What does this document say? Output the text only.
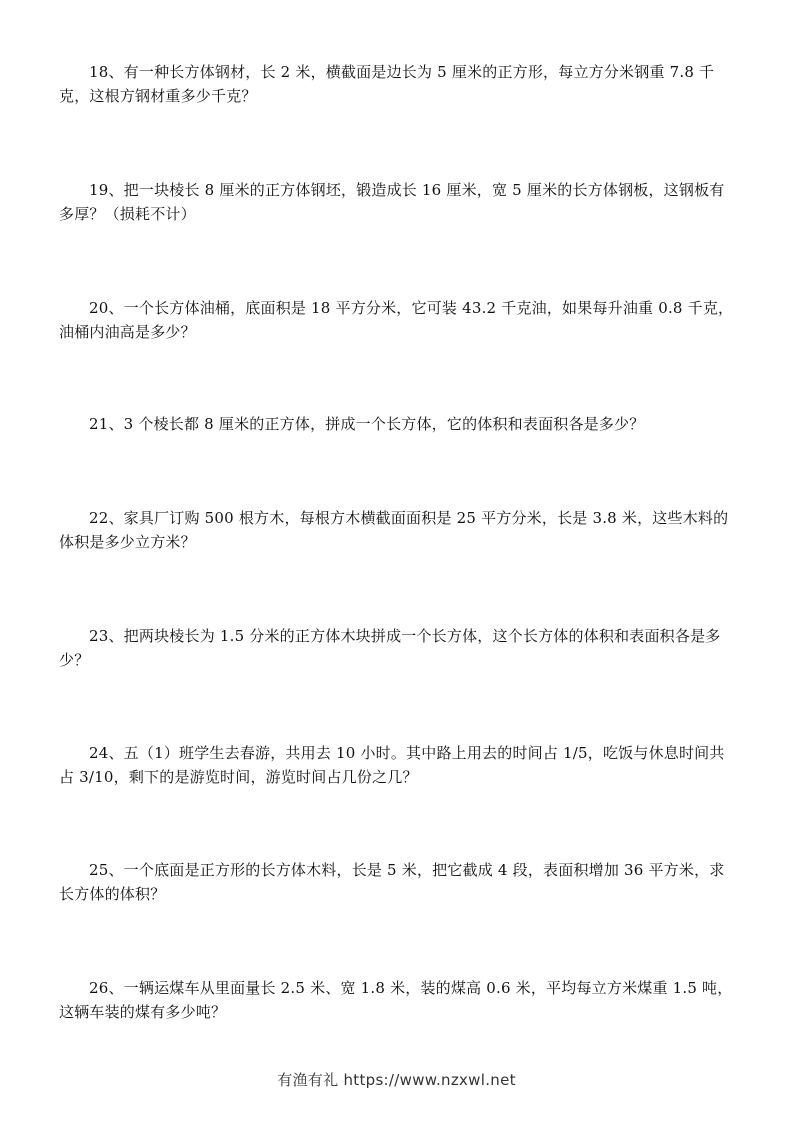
18、有一种长方体钢材，长 2 米，横截面是边长为 5 厘米的正方形，每立方分米钢重 7.8 千克，这根方钢材重多少千克？

19、把一块棱长 8 厘米的正方体钢坯，锻造成长 16 厘米，宽 5 厘米的长方体钢板，这钢板有多厚？（损耗不计）

20、一个长方体油桶，底面积是 18 平方分米，它可装 43.2 千克油，如果每升油重 0.8 千克，油桶内油高是多少？

21、3 个棱长都 8 厘米的正方体，拼成一个长方体，它的体积和表面积各是多少？

22、家具厂订购 500 根方木，每根方木横截面面积是 25 平方分米，长是 3.8 米，这些木料的体积是多少立方米？

23、把两块棱长为 1.5 分米的正方体木块拼成一个长方体，这个长方体的体积和表面积各是多少？

24、五（1）班学生去春游，共用去 10 小时。其中路上用去的时间占 1/5，吃饭与休息时间共占 3/10，剩下的是游览时间，游览时间占几份之几？

25、一个底面是正方形的长方体木料，长是 5 米，把它截成 4 段，表面积增加 36 平方米，求长方体的体积？

26、一辆运煤车从里面量长 2.5 米、宽 1.8 米，装的煤高 0.6 米，平均每立方米煤重 1.5 吨，这辆车装的煤有多少吨？

有渔有礼 https://www.nzxwl.net
